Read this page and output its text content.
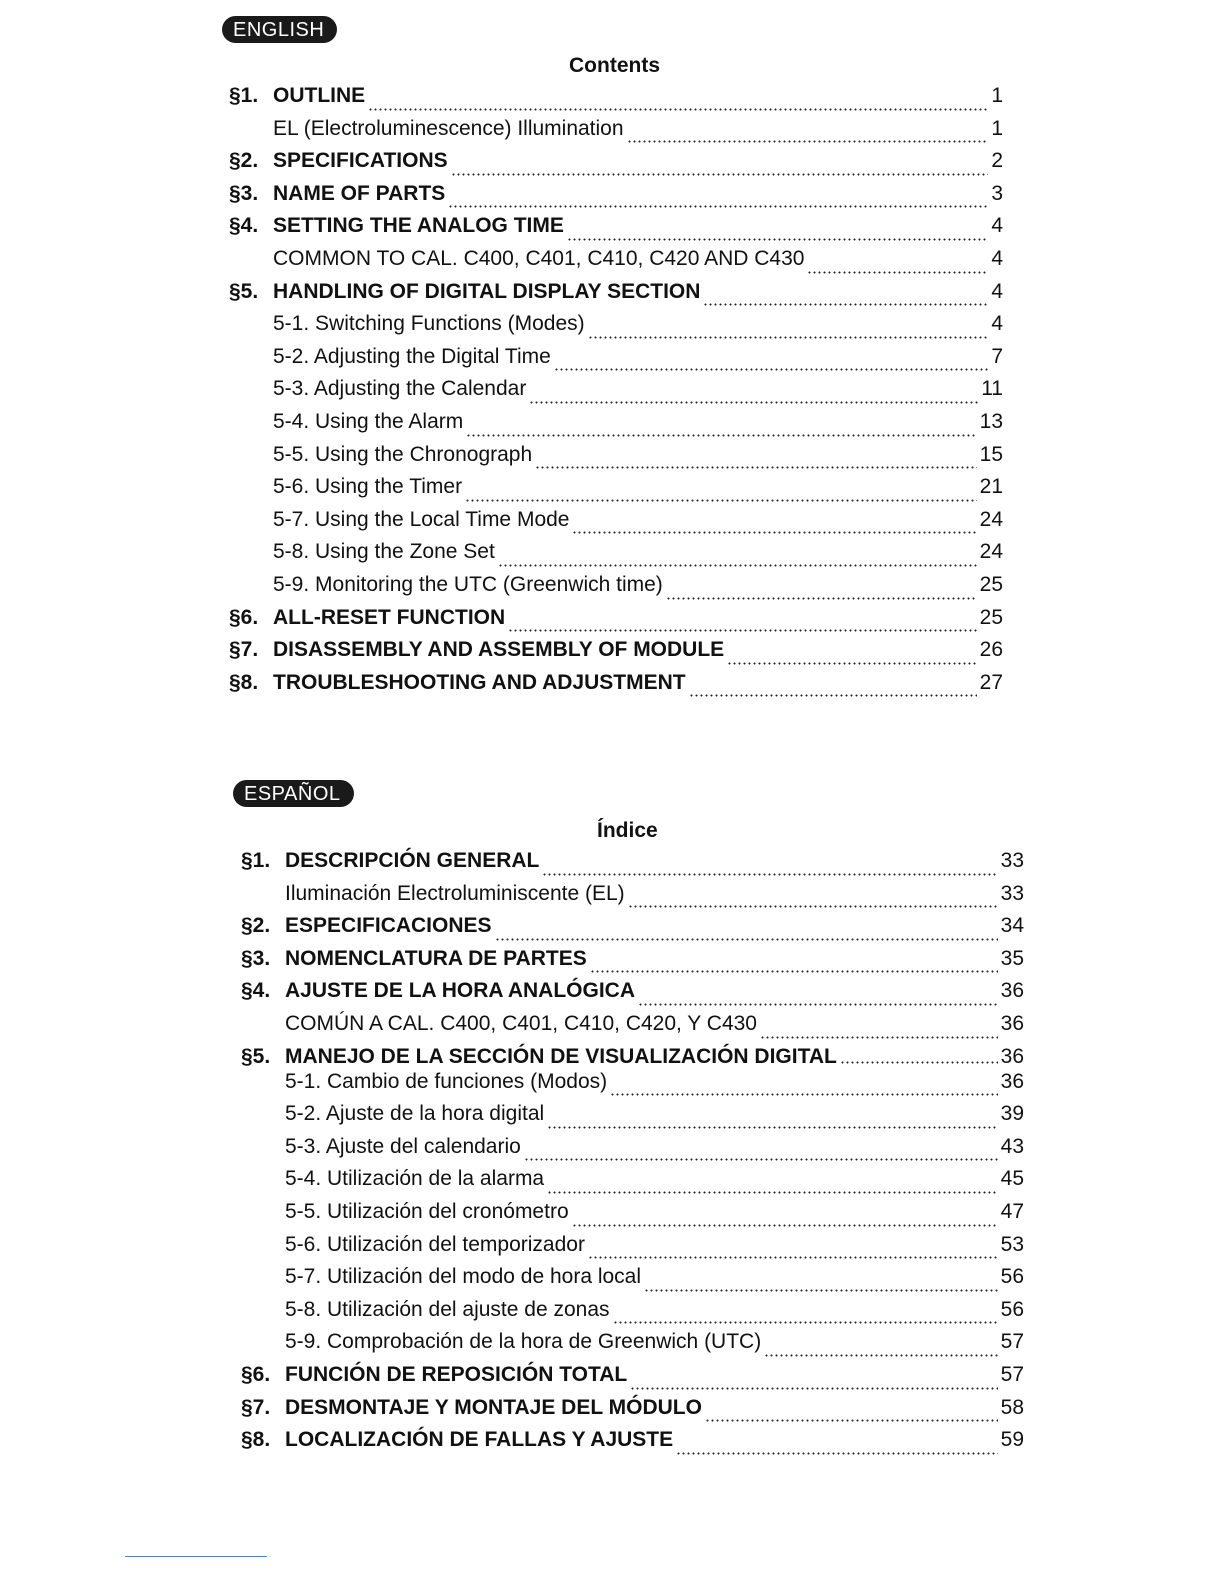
ENGLISH
Contents
§1. OUTLINE	1
EL (Electroluminescence) Illumination	1
§2. SPECIFICATIONS	2
§3. NAME OF PARTS	3
§4. SETTING THE ANALOG TIME	4
COMMON TO CAL. C400, C401, C410, C420 AND C430	4
§5. HANDLING OF DIGITAL DISPLAY SECTION	4
5-1. Switching Functions (Modes)	4
5-2. Adjusting the Digital Time	7
5-3. Adjusting the Calendar	11
5-4. Using the Alarm	13
5-5. Using the Chronograph	15
5-6. Using the Timer	21
5-7. Using the Local Time Mode	24
5-8. Using the Zone Set	24
5-9. Monitoring the UTC (Greenwich time)	25
§6. ALL-RESET FUNCTION	25
§7. DISASSEMBLY AND ASSEMBLY OF MODULE	26
§8. TROUBLESHOOTING AND ADJUSTMENT	27
ESPAÑOL
Índice
§1. DESCRIPCIÓN GENERAL	33
Iluminación Electroluminiscente (EL)	33
§2. ESPECIFICACIONES	34
§3. NOMENCLATURA DE PARTES	35
§4. AJUSTE DE LA HORA ANALÓGICA	36
COMÚN A CAL. C400, C401, C410, C420, Y C430	36
§5. MANEJO DE LA SECCIÓN DE VISUALIZACIÓN DIGITAL	36
5-1. Cambio de funciones (Modos)	36
5-2. Ajuste de la hora digital	39
5-3. Ajuste del calendario	43
5-4. Utilización de la alarma	45
5-5. Utilización del cronómetro	47
5-6. Utilización del temporizador	53
5-7. Utilización del modo de hora local	56
5-8. Utilización del ajuste de zonas	56
5-9. Comprobación de la hora de Greenwich (UTC)	57
§6. FUNCIÓN DE REPOSICIÓN TOTAL	57
§7. DESMONTAJE Y MONTAJE DEL MÓDULO	58
§8. LOCALIZACIÓN DE FALLAS Y AJUSTE	59
